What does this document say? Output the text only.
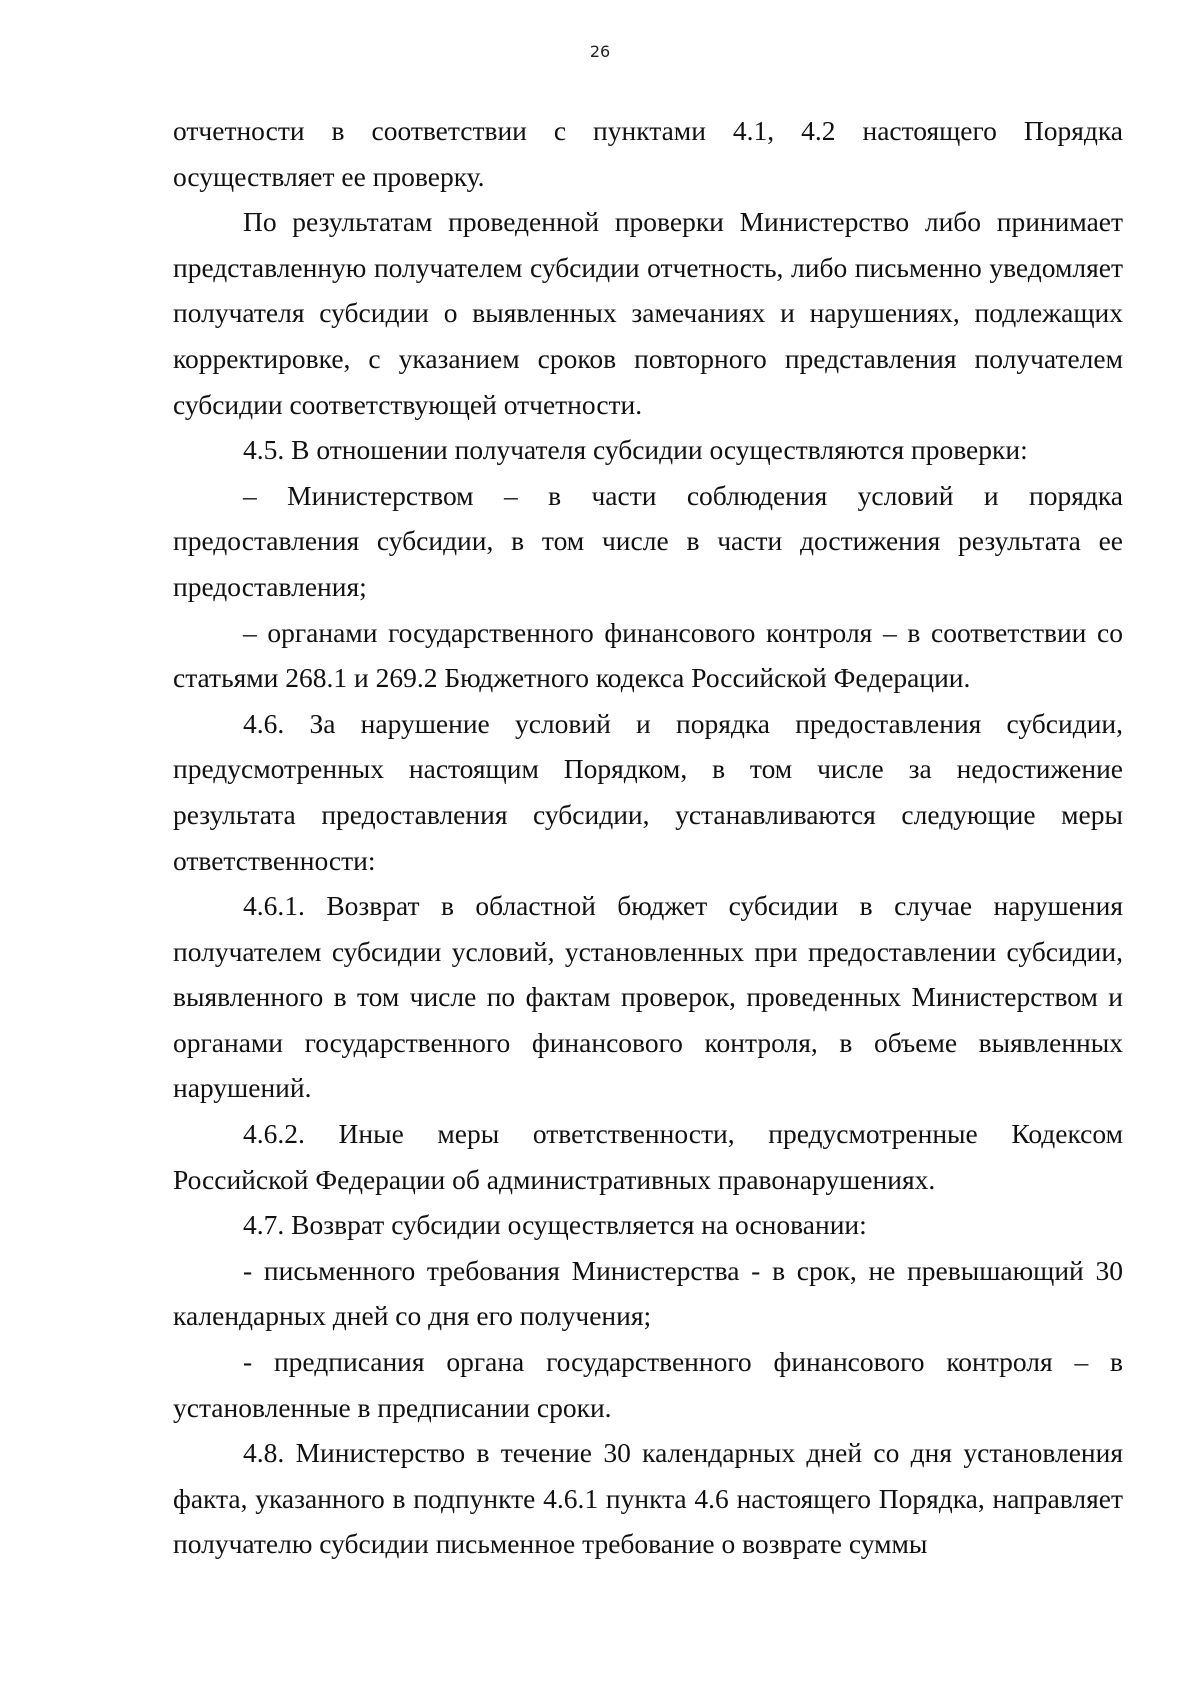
26

отчетности в соответствии с пунктами 4.1, 4.2 настоящего Порядка осуществляет ее проверку.

По результатам проведенной проверки Министерство либо принимает представленную получателем субсидии отчетность, либо письменно уведомляет получателя субсидии о выявленных замечаниях и нарушениях, подлежащих корректировке, с указанием сроков повторного представления получателем субсидии соответствующей отчетности.

4.5. В отношении получателя субсидии осуществляются проверки:

– Министерством – в части соблюдения условий и порядка предоставления субсидии, в том числе в части достижения результата ее предоставления;

– органами государственного финансового контроля – в соответствии со статьями 268.1 и 269.2 Бюджетного кодекса Российской Федерации.

4.6. За нарушение условий и порядка предоставления субсидии, предусмотренных настоящим Порядком, в том числе за недостижение результата предоставления субсидии, устанавливаются следующие меры ответственности:

4.6.1. Возврат в областной бюджет субсидии в случае нарушения получателем субсидии условий, установленных при предоставлении субсидии, выявленного в том числе по фактам проверок, проведенных Министерством и органами государственного финансового контроля, в объеме выявленных нарушений.

4.6.2. Иные меры ответственности, предусмотренные Кодексом Российской Федерации об административных правонарушениях.

4.7. Возврат субсидии осуществляется на основании:

- письменного требования Министерства - в срок, не превышающий 30 календарных дней со дня его получения;

- предписания органа государственного финансового контроля – в установленные в предписании сроки.

4.8. Министерство в течение 30 календарных дней со дня установления факта, указанного в подпункте 4.6.1 пункта 4.6 настоящего Порядка, направляет получателю субсидии письменное требование о возврате суммы
